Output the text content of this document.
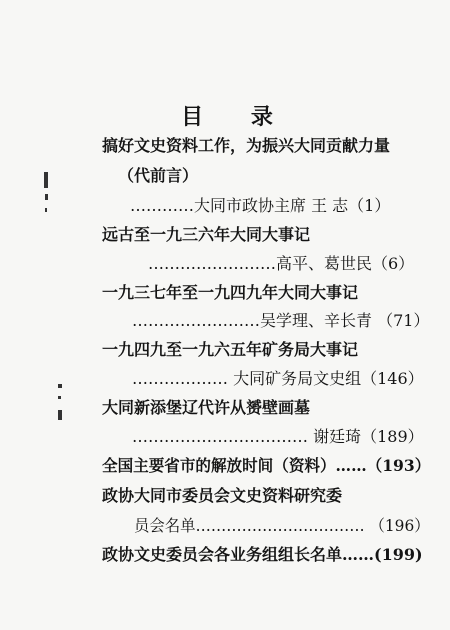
目 录
搞好文史资料工作，为振兴大同贡献力量
（代前言）
…………大同市政协主席 王 志（1）
远古至一九三六年大同大事记
……………………高平、葛世民（6）
一九三七年至一九四九年大同大事记
……………………吴学理、辛长青 （71）
一九四九至一九六五年矿务局大事记
……………… 大同矿务局文史组（146）
大同新添堡辽代许从赟壁画墓
…………………………… 谢廷琦（189）
全国主要省市的解放时间（资料）……（193）
政协大同市委员会文史资料研究委
员会名单…………………………… （196）
政协文史委员会各业务组组长名单……(199)
